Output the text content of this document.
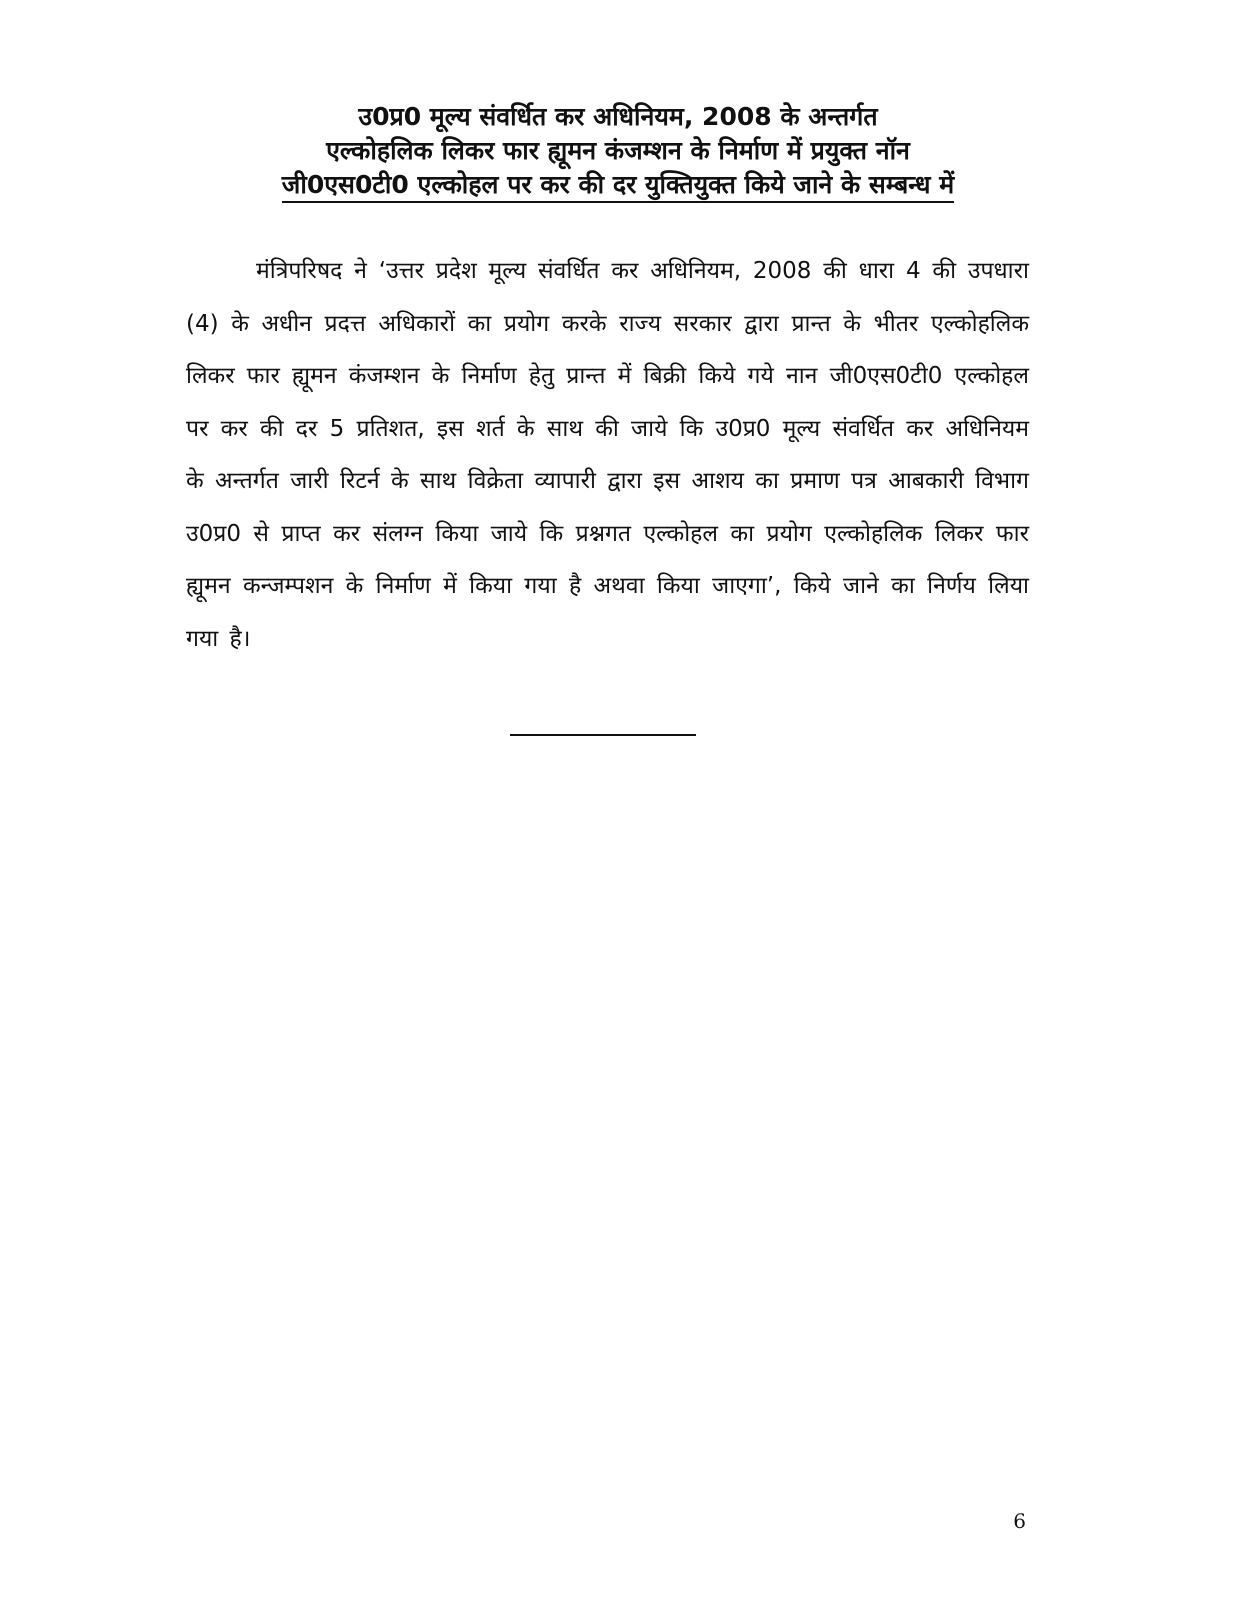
उ0प्र0 मूल्य संवर्धित कर अधिनियम, 2008 के अन्तर्गत
एल्कोहलिक लिकर फार ह्यूमन कंजम्शन के निर्माण में प्रयुक्त नॉन
जी0एस0टी0 एल्कोहल पर कर की दर युक्तियुक्त किये जाने के सम्बन्ध में

मंत्रिपरिषद ने ‘उत्तर प्रदेश मूल्य संवर्धित कर अधिनियम, 2008 की धारा 4 की उपधारा (4) के अधीन प्रदत्त अधिकारों का प्रयोग करके राज्य सरकार द्वारा प्रान्त के भीतर एल्कोहलिक लिकर फार ह्यूमन कंजम्शन के निर्माण हेतु प्रान्त में बिक्री किये गये नान जी0एस0टी0 एल्कोहल पर कर की दर 5 प्रतिशत, इस शर्त के साथ की जाये कि उ0प्र0 मूल्य संवर्धित कर अधिनियम के अन्तर्गत जारी रिटर्न के साथ विक्रेता व्यापारी द्वारा इस आशय का प्रमाण पत्र आबकारी विभाग उ0प्र0 से प्राप्त कर संलग्न किया जाये कि प्रश्नगत एल्कोहल का प्रयोग एल्कोहलिक लिकर फार ह्यूमन कन्जम्पशन के निर्माण में किया गया है अथवा किया जाएगा’, किये जाने का निर्णय लिया गया है।

6
